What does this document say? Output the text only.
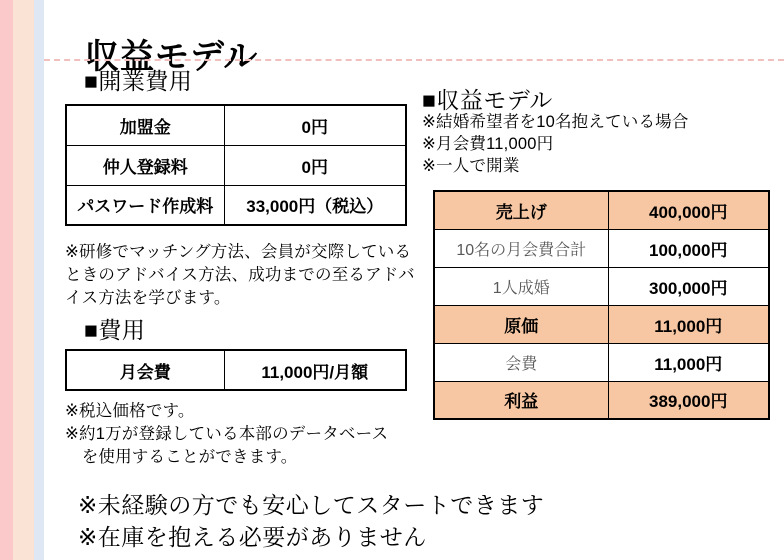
収益モデル
■開業費用
加盟金	0円
仲人登録料	0円
パスワード作成料	33,000円（税込）
※研修でマッチング方法、会員が交際しているときのアドバイス方法、成功までの至るアドバイス方法を学びます。
■費用
月会費	11,000円/月額
※税込価格です。
※約1万が登録している本部のデータベース
　を使用することができます。
■収益モデル
※結婚希望者を10名抱えている場合
※月会費11,000円
※一人で開業
売上げ	400,000円
10名の月会費合計	100,000円
1人成婚	300,000円
原価	11,000円
会費	11,000円
利益	389,000円
※未経験の方でも安心してスタートできます
※在庫を抱える必要がありません
